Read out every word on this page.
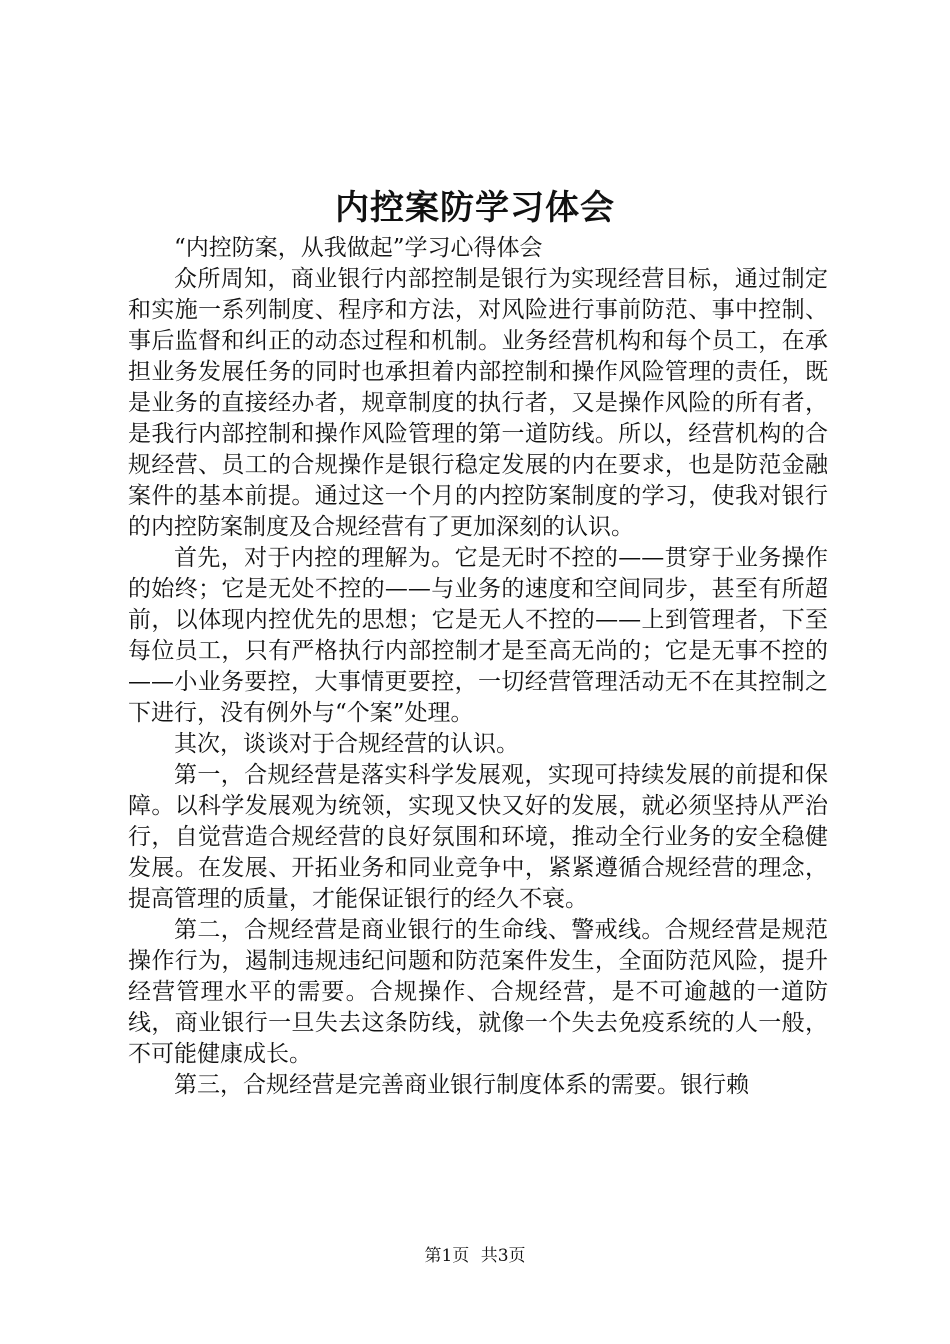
内控案防学习体会

“内控防案，从我做起”学习心得体会

众所周知，商业银行内部控制是银行为实现经营目标，通过制定和实施一系列制度、程序和方法，对风险进行事前防范、事中控制、事后监督和纠正的动态过程和机制。业务经营机构和每个员工，在承担业务发展任务的同时也承担着内部控制和操作风险管理的责任，既是业务的直接经办者，规章制度的执行者，又是操作风险的所有者，是我行内部控制和操作风险管理的第一道防线。所以，经营机构的合规经营、员工的合规操作是银行稳定发展的内在要求，也是防范金融案件的基本前提。通过这一个月的内控防案制度的学习，使我对银行的内控防案制度及合规经营有了更加深刻的认识。

首先，对于内控的理解为。它是无时不控的——贯穿于业务操作的始终；它是无处不控的——与业务的速度和空间同步，甚至有所超前，以体现内控优先的思想；它是无人不控的——上到管理者，下至每位员工，只有严格执行内部控制才是至高无尚的；它是无事不控的——小业务要控，大事情更要控，一切经营管理活动无不在其控制之下进行，没有例外与“个案”处理。

其次，谈谈对于合规经营的认识。

第一，合规经营是落实科学发展观，实现可持续发展的前提和保障。以科学发展观为统领，实现又快又好的发展，就必须坚持从严治行，自觉营造合规经营的良好氛围和环境，推动全行业务的安全稳健发展。在发展、开拓业务和同业竞争中，紧紧遵循合规经营的理念，提高管理的质量，才能保证银行的经久不衰。

第二，合规经营是商业银行的生命线、警戒线。合规经营是规范操作行为，遏制违规违纪问题和防范案件发生，全面防范风险，提升经营管理水平的需要。合规操作、合规经营，是不可逾越的一道防线，商业银行一旦失去这条防线，就像一个失去免疫系统的人一般，不可能健康成长。

第三，合规经营是完善商业银行制度体系的需要。银行赖

第1页 共3页
